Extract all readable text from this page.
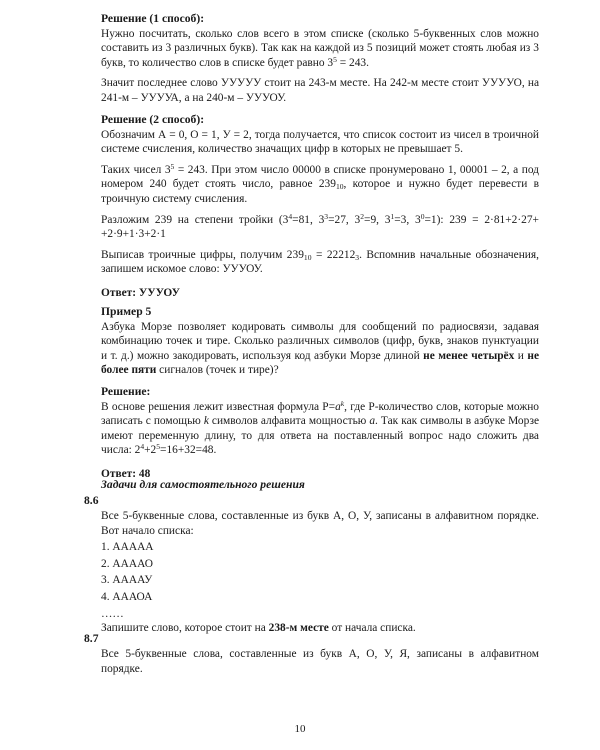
Решение (1 способ):

Нужно посчитать, сколько слов всего в этом списке (сколько 5-буквенных слов можно составить из 3 различных букв). Так как на каждой из 5 позиций может стоять любая из 3 букв, то количество слов в списке будет равно $3^5 = 243$.

Значит последнее слово УУУУУ стоит на 243-м месте. На 242-м месте стоит УУУУО, на 241-м – УУУУА, а на 240-м – УУУОУ.

Решение (2 способ):

Обозначим А = 0, О = 1, У = 2, тогда получается, что список состоит из чисел в троичной системе счисления, количество значащих цифр в которых не превышает 5.

Таких чисел $3^5 = 243$. При этом число 00000 в списке пронумеровано 1, 00001 – 2, а под номером 240 будет стоять число, равное 23910, которое и нужно будет перевести в троичную систему счисления.

Разложим 239 на степени тройки ($3^4=81$, $3^3=27$, $3^2=9$, $3^1=3$, $3^0=1$): 239 = 2·81+2·27+ +2·9+1·3+2·1

Выписав троичные цифры, получим 23910 = 222123. Вспомнив начальные обозначения, запишем искомое слово: УУУОУ.

Ответ: УУУОУ

Пример 5

Азбука Морзе позволяет кодировать символы для сообщений по радиосвязи, задавая комбинацию точек и тире. Сколько различных символов (цифр, букв, знаков пунктуации и т. д.) можно закодировать, используя код азбуки Морзе длиной не менее четырёх и не более пяти сигналов (точек и тире)?

Решение:

В основе решения лежит известная формула $P=a^k$, где P-количество слов, которые можно записать с помощью k символов алфавита мощностью a. Так как символы в азбуке Морзе имеют переменную длину, то для ответа на поставленный вопрос надо сложить два числа: $2^4+2^5=16+32=48$.

Ответ: 48

Задачи для самостоятельного решения
8.6

Все 5-буквенные слова, составленные из букв А, О, У, записаны в алфавитном порядке. Вот начало списка:

1. ААААА

2. ААААО

3. ААААУ

4. АААОА

……

Запишите слово, которое стоит на 238-м месте от начала списка.

8.7

Все 5-буквенные слова, составленные из букв А, О, У, Я, записаны в алфавитном порядке.

10
